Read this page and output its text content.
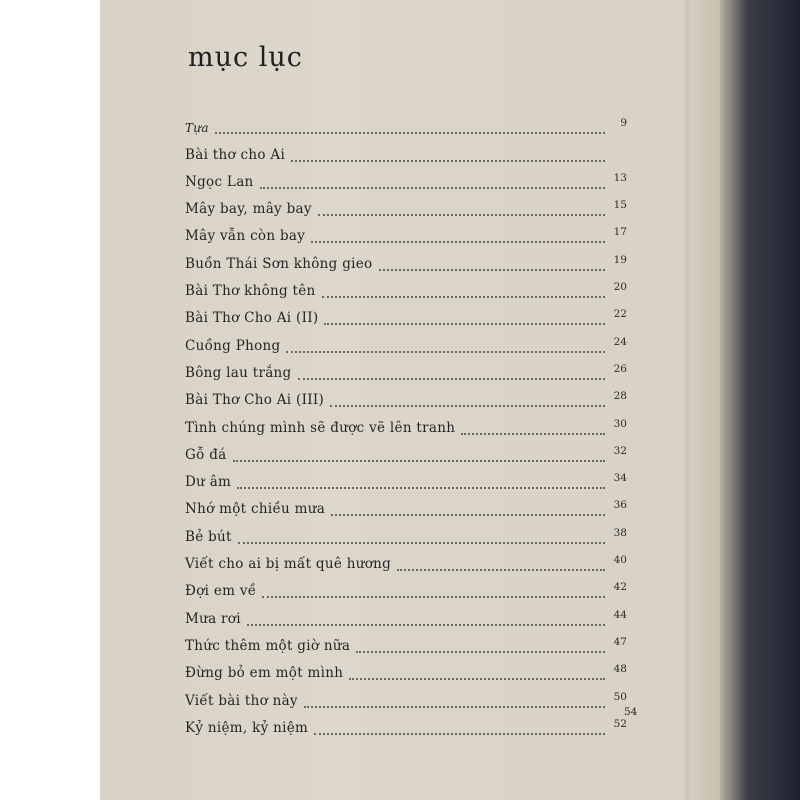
mục lục
Tựa	9
Bài thơ cho Ai
Ngọc Lan	13
Mây bay, mây bay	15
Mây vẫn còn bay	17
Buồn Thái Sơn không gieo	19
Bài Thơ không tên	20
Bài Thơ Cho Ai (II)	22
Cuồng Phong	24
Bông lau trắng	26
Bài Thơ Cho Ai (III)	28
Tình chúng mình sẽ được vẽ lên tranh	30
Gỗ đá	32
Dư âm	34
Nhớ một chiều mưa	36
Bẻ bút	38
Viết cho ai bị mất quê hương	40
Đợi em về	42
Mưa rơi	44
Thức thêm một giờ nữa	47
Đừng bỏ em một mình	48
Viết bài thơ này	50
Kỷ niệm, kỷ niệm	52
54
